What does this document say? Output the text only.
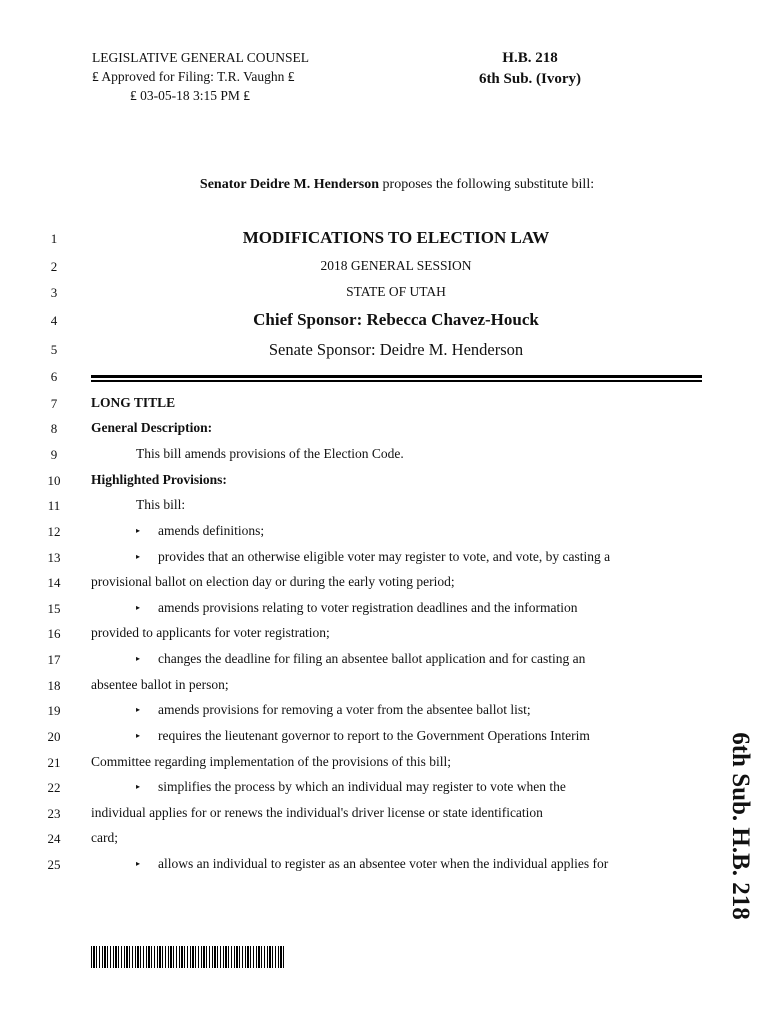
LEGISLATIVE GENERAL COUNSEL
₤ Approved for Filing: T.R. Vaughn ₤
₤ 03-05-18 3:15 PM ₤
H.B. 218
6th Sub. (Ivory)
Senator Deidre M. Henderson proposes the following substitute bill:
1
2
3
4
5
6
7
8
9
10
11
12
13
14
15
16
17
18
19
20
21
22
23
24
25
MODIFICATIONS TO ELECTION LAW
2018 GENERAL SESSION
STATE OF UTAH
Chief Sponsor: Rebecca Chavez-Houck
Senate Sponsor: Deidre M. Henderson
LONG TITLE
General Description:
This bill amends provisions of the Election Code.
Highlighted Provisions:
This bill:
▸ amends definitions;
▸ provides that an otherwise eligible voter may register to vote, and vote, by casting a
provisional ballot on election day or during the early voting period;
▸ amends provisions relating to voter registration deadlines and the information
provided to applicants for voter registration;
▸ changes the deadline for filing an absentee ballot application and for casting an
absentee ballot in person;
▸ amends provisions for removing a voter from the absentee ballot list;
▸ requires the lieutenant governor to report to the Government Operations Interim
Committee regarding implementation of the provisions of this bill;
▸ simplifies the process by which an individual may register to vote when the
individual applies for or renews the individual's driver license or state identification
card;
▸ allows an individual to register as an absentee voter when the individual applies for	6th Sub. H.B. 218
